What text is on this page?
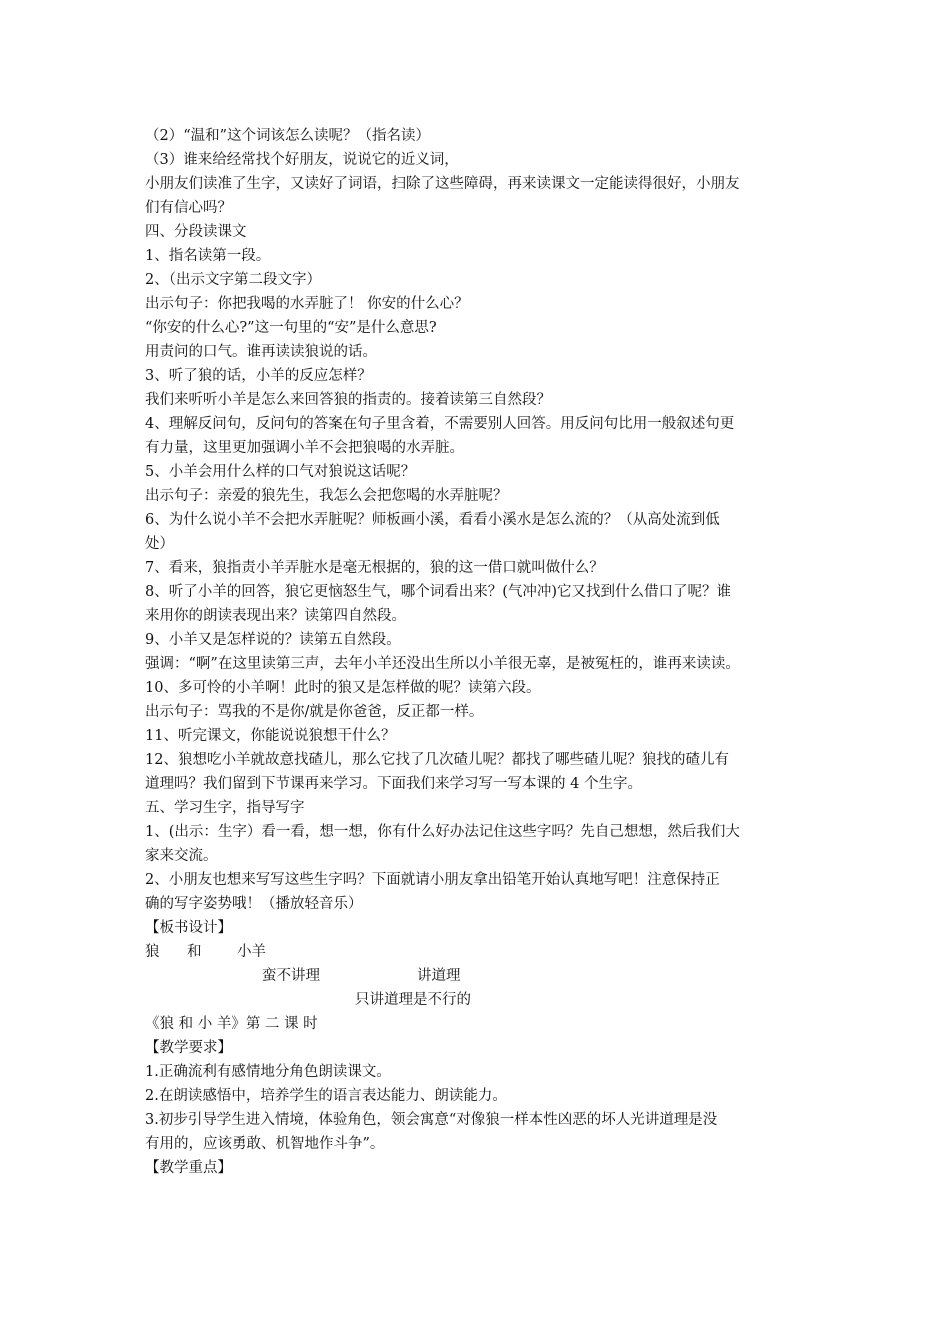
（2）“温和”这个词该怎么读呢？（指名读）
（3）谁来给经常找个好朋友，说说它的近义词，
小朋友们读准了生字，又读好了词语，扫除了这些障碍，再来读课文一定能读得很好，小朋友
们有信心吗？
四、分段读课文
1、指名读第一段。
2、（出示文字第二段文字）
出示句子：你把我喝的水弄脏了！ 你安的什么心？
“你安的什么心?”这一句里的“安”是什么意思?
用责问的口气。谁再读读狼说的话。
3、听了狼的话，小羊的反应怎样？
我们来听听小羊是怎么来回答狼的指责的。接着读第三自然段？
4、理解反问句，反问句的答案在句子里含着，不需要别人回答。用反问句比用一般叙述句更
有力量，这里更加强调小羊不会把狼喝的水弄脏。
5、小羊会用什么样的口气对狼说这话呢？
出示句子：亲爱的狼先生，我怎么会把您喝的水弄脏呢？
6、为什么说小羊不会把水弄脏呢？师板画小溪，看看小溪水是怎么流的？（从高处流到低
处）
7、看来，狼指责小羊弄脏水是毫无根据的，狼的这一借口就叫做什么？
8、听了小羊的回答，狼它更恼怒生气，哪个词看出来？(气冲冲)它又找到什么借口了呢？谁
来用你的朗读表现出来？读第四自然段。
9、小羊又是怎样说的？读第五自然段。
强调：“啊”在这里读第三声，去年小羊还没出生所以小羊很无辜，是被冤枉的，谁再来读读。
10、多可怜的小羊啊！此时的狼又是怎样做的呢？读第六段。
出示句子：骂我的不是你/就是你爸爸，反正都一样。
11、听完课文，你能说说狼想干什么？
12、狼想吃小羊就故意找碴儿，那么它找了几次碴儿呢？都找了哪些碴儿呢？狼找的碴儿有
道理吗？我们留到下节课再来学习。下面我们来学习写一写本课的 4 个生字。
五、学习生字，指导写字
1、(出示：生字）看一看，想一想，你有什么好办法记住这些字吗？先自己想想，然后我们大
家来交流。
2、小朋友也想来写写这些生字吗？下面就请小朋友拿出铅笔开始认真地写吧！注意保持正
确的写字姿势哦！（播放轻音乐）
【板书设计】
狼 和 小羊
蛮不讲理	讲道理
只讲道理是不行的
《狼 和 小 羊》第 二 课 时
【教学要求】
1.正确流利有感情地分角色朗读课文。
2.在朗读感悟中，培养学生的语言表达能力、朗读能力。
3.初步引导学生进入情境，体验角色，领会寓意“对像狼一样本性凶恶的坏人光讲道理是没
有用的，应该勇敢、机智地作斗争”。
【教学重点】
